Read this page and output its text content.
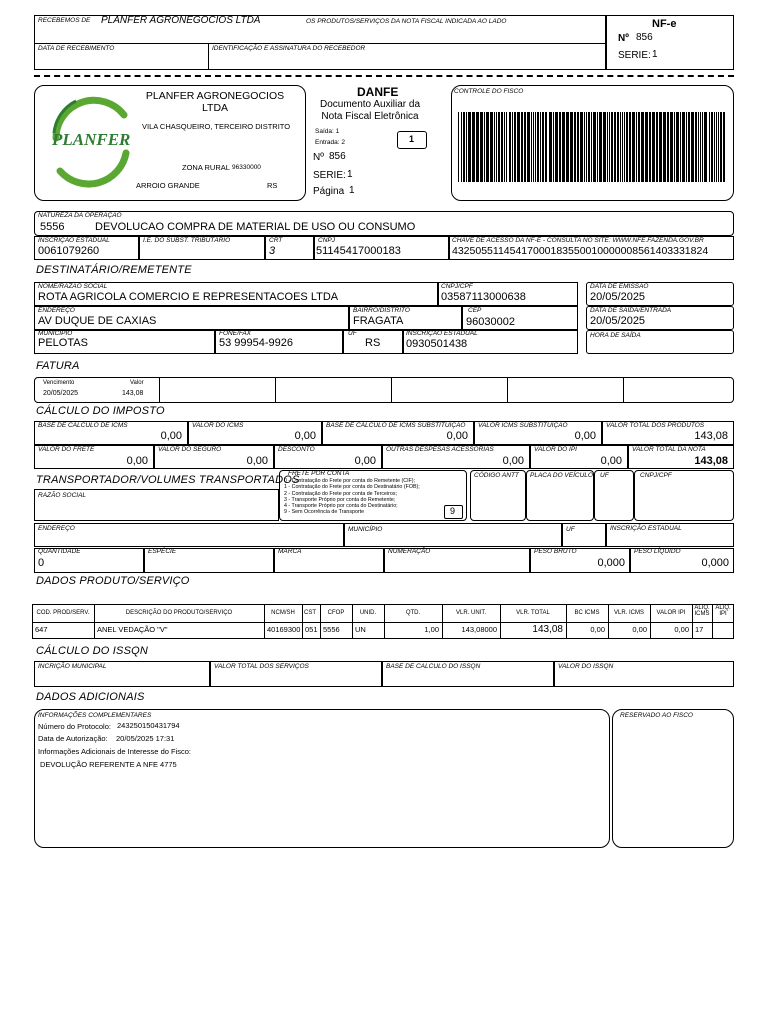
RECEBEMOS DE PLANFER AGRONEGOCIOS LTDA	OS PRODUTOS/SERVIÇOS DA NOTA FISCAL INDICADA AO LADO
DATA DE RECEBIMENTO	IDENTIFICAÇÃO E ASSINATURA DO RECEBEDOR
NF-e
Nº 856
SERIE: 1
PLANFER
PLANFER AGRONEGOCIOS LTDA
VILA CHASQUEIRO, TERCEIRO DISTRITO
ZONA RURAL 96330000
ARROIO GRANDE	RS
DANFE
Documento Auxiliar da
Nota Fiscal Eletrônica
Saída: 1
Entrada: 2	1
Nº 856
SERIE: 1
Página 1
CONTROLE DO FISCO
NATUREZA DA OPERAÇÃO
5556	DEVOLUCAO COMPRA DE MATERIAL DE USO OU CONSUMO
INSCRIÇÃO ESTADUAL
0061079260
I.E. DO SUBST. TRIBUTÁRIO	CRT
3
CNPJ
51145417000183
CHAVE DE ACESSO DA NF-E - CONSULTA NO SITE: WWW.NFE.FAZENDA.GOV.BR
43250551145417000183550010000008561403331824
DESTINATÁRIO/REMETENTE
NOME/RAZÃO SOCIAL
ROTA AGRICOLA COMERCIO E REPRESENTACOES LTDA
CNPJ/CPF
03587113000638
DATA DE EMISSÃO
20/05/2025
ENDEREÇO
AV DUQUE DE CAXIAS
BAIRRO/DISTRITO
FRAGATA
CEP
96030002
DATA DE SAÍDA/ENTRADA
20/05/2025
MUNICÍPIO
PELOTAS
FONE/FAX
53 99954-9926
UF
RS
INSCRIÇÃO ESTADUAL
0930501438
HORA DE SAÍDA
FATURA
Vencimento	Valor
20/05/2025	143,08
CÁLCULO DO IMPOSTO
BASE DE CÁLCULO DE ICMS
0,00
VALOR DO ICMS
0,00
BASE DE CÁLCULO DE ICMS SUBSTITUIÇÃO
0,00
VALOR ICMS SUBSTITUIÇÃO
0,00
VALOR TOTAL DOS PRODUTOS
143,08
VALOR DO FRETE
0,00
VALOR DO SEGURO
0,00
DESCONTO
0,00
OUTRAS DESPESAS ACESSÓRIAS
0,00
VALOR DO IPI
0,00
VALOR TOTAL DA NOTA
143,08
TRANSPORTADOR/VOLUMES TRANSPORTADOS
RAZÃO SOCIAL
FRETE POR CONTA
0 - Contratação do Frete por conta do Remetente (CIF);
1 - Contratação do Frete por conta do Destinatário (FOB);
2 - Contratação do Frete por conta de Terceiros;
3 - Transporte Próprio por conta do Remetente;
4 - Transporte Próprio por conta do Destinatário;
9 - Sem Ocorrência de Transporte	9
CÓDIGO ANTT PLACA DO VEÍCULO UF	CNPJ/CPF
ENDEREÇO	MUNICÍPIO	UF	INSCRIÇÃO ESTADUAL
QUANTIDADE
0
ESPÉCIE	MARCA	NUMERAÇÃO	PESO BRUTO
0,000
PESO LÍQUIDO
0,000
DADOS PRODUTO/SERVIÇO
COD. PROD/SERV.	DESCRIÇÃO DO PRODUTO/SERVIÇO	NCM/SH	CST	CFOP	UNID.	QTD.	VLR. UNIT.	VLR. TOTAL	BC ICMS	VLR. ICMS	VALOR IPI
ALIQ. ICMS
ALIQ. IPI
647	ANEL VEDAÇÃO "V"	40169300 051 5556	UN	1,00	143,08000	143,08	0,00	0,00	0,00 17
CÁLCULO DO ISSQN
INCRIÇÃO MUNICIPAL	VALOR TOTAL DOS SERVIÇOS	BASE DE CALCULO DO ISSQN	VALOR DO ISSQN
DADOS ADICIONAIS
INFORMAÇÕES COMPLEMENTARES
Número do Protocolo: 243250150431794
Data de Autorização: 20/05/2025 17:31
Informações Adicionais de Interesse do Fisco:
DEVOLUÇÃO REFERENTE A NFE 4775
RESERVADO AO FISCO
